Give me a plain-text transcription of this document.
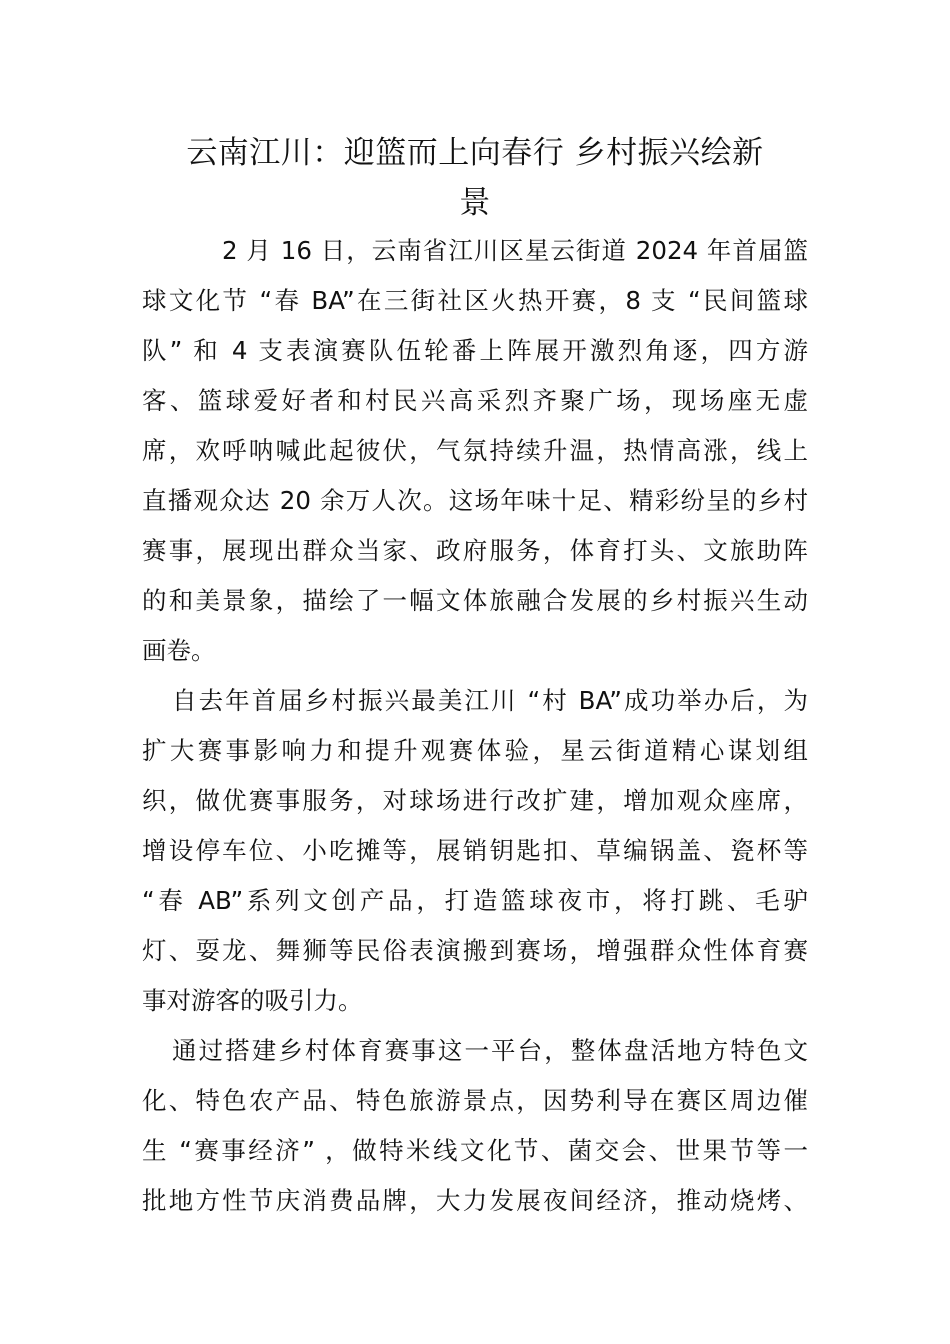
云南江川：迎篮而上向春行 乡村振兴绘新
景
2 月 16 日，云南省江川区星云街道 2024 年首届篮
球文化节 “春 BA”在三街社区火热开赛，8 支 “民间篮球
队” 和 4 支表演赛队伍轮番上阵展开激烈角逐，四方游
客、篮球爱好者和村民兴高采烈齐聚广场，现场座无虚
席，欢呼呐喊此起彼伏，气氛持续升温，热情高涨，线上
直播观众达 20 余万人次。这场年味十足、精彩纷呈的乡村
赛事，展现出群众当家、政府服务，体育打头、文旅助阵
的和美景象，描绘了一幅文体旅融合发展的乡村振兴生动
画卷。
自去年首届乡村振兴最美江川 “村 BA”成功举办后，为
扩大赛事影响力和提升观赛体验，星云街道精心谋划组
织，做优赛事服务，对球场进行改扩建，增加观众座席，
增设停车位、小吃摊等，展销钥匙扣、草编锅盖、瓷杯等
“春 AB”系列文创产品，打造篮球夜市，将打跳、毛驴
灯、耍龙、舞狮等民俗表演搬到赛场，增强群众性体育赛
事对游客的吸引力。
通过搭建乡村体育赛事这一平台，整体盘活地方特色文
化、特色农产品、特色旅游景点，因势利导在赛区周边催
生 “赛事经济” ，做特米线文化节、菌交会、世果节等一
批地方性节庆消费品牌，大力发展夜间经济，推动烧烤、
